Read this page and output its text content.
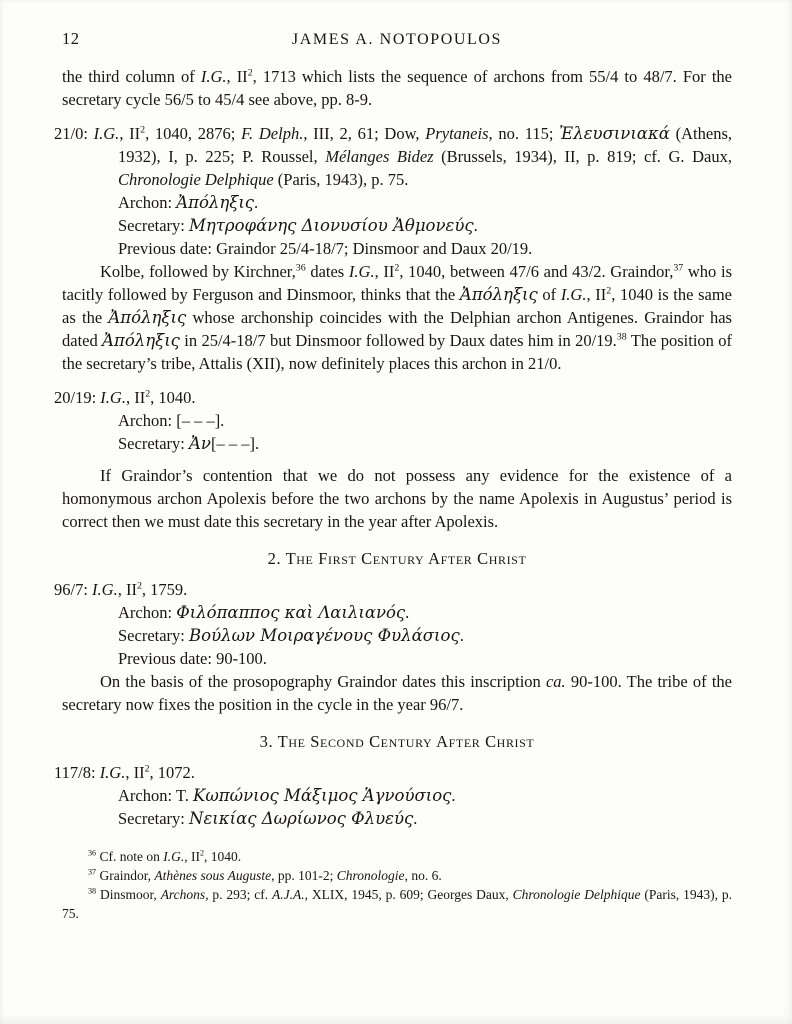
12	JAMES A. NOTOPOULOS

the third column of I.G., $II^2$, 1713 which lists the sequence of archons from 55/4 to 48/7. For the secretary cycle 56/5 to 45/4 see above, pp. 8-9.

21/0: I.G., $II^2$, 1040, 2876; F. Delph., III, 2, 61; Dow, Prytaneis, no. 115; Ἐλευσινιακά (Athens, 1932), I, p. 225; P. Roussel, Mélanges Bidez (Brussels, 1934), II, p. 819; cf. G. Daux, Chronologie Delphique (Paris, 1943), p. 75.

Archon: Ἀπόληξις.

Secretary: Μητροφάνης Διονυσίου Ἀθμονεύς.

Previous date: Graindor 25/4-18/7; Dinsmoor and Daux 20/19.

Kolbe, followed by Kirchner,$^{36}$ dates I.G., $II^2$, 1040, between 47/6 and 43/2. Graindor,$^{37}$ who is tacitly followed by Ferguson and Dinsmoor, thinks that the Ἀπόληξις of I.G., $II^2$, 1040 is the same as the Ἀπόληξις whose archonship coincides with the Delphian archon Antigenes. Graindor has dated Ἀπόληξις in 25/4-18/7 but Dinsmoor followed by Daux dates him in 20/19.38 The position of the secretary’s tribe, Attalis (XII), now definitely places this archon in 21/0.

20/19: I.G., $II^2$, 1040.

Archon: [– – –].

Secretary: Ἀν[– – –].

If Graindor’s contention that we do not possess any evidence for the existence of a homonymous archon Apolexis before the two archons by the name Apolexis in Augustus’ period is correct then we must date this secretary in the year after Apolexis.

2. The First Century After Christ

96/7: I.G., $II^2$, 1759.

Archon: Φιλόπαππος καὶ Λαιλιανός.

Secretary: Βούλων Μοιραγένους Φυλάσιος.

Previous date: 90-100.

On the basis of the prosopography Graindor dates this inscription ca. 90-100. The tribe of the secretary now fixes the position in the cycle in the year 96/7.

3. The Second Century After Christ

117/8: I.G., $II^2$, 1072.

Archon: T. Κωπώνιος Μάξιμος Ἁγνούσιος.

Secretary: Νεικίας Δωρίωνος Φλυεύς.

$^{36}$ Cf. note on I.G., $II^2$, 1040.

$^{37}$ Graindor, Athènes sous Auguste, pp. 101-2; Chronologie, no. 6.

$^{38}$ Dinsmoor, Archons, p. 293; cf. A.J.A., XLIX, 1945, p. 609; Georges Daux, Chronologie Delphique (Paris, 1943), p. 75.
